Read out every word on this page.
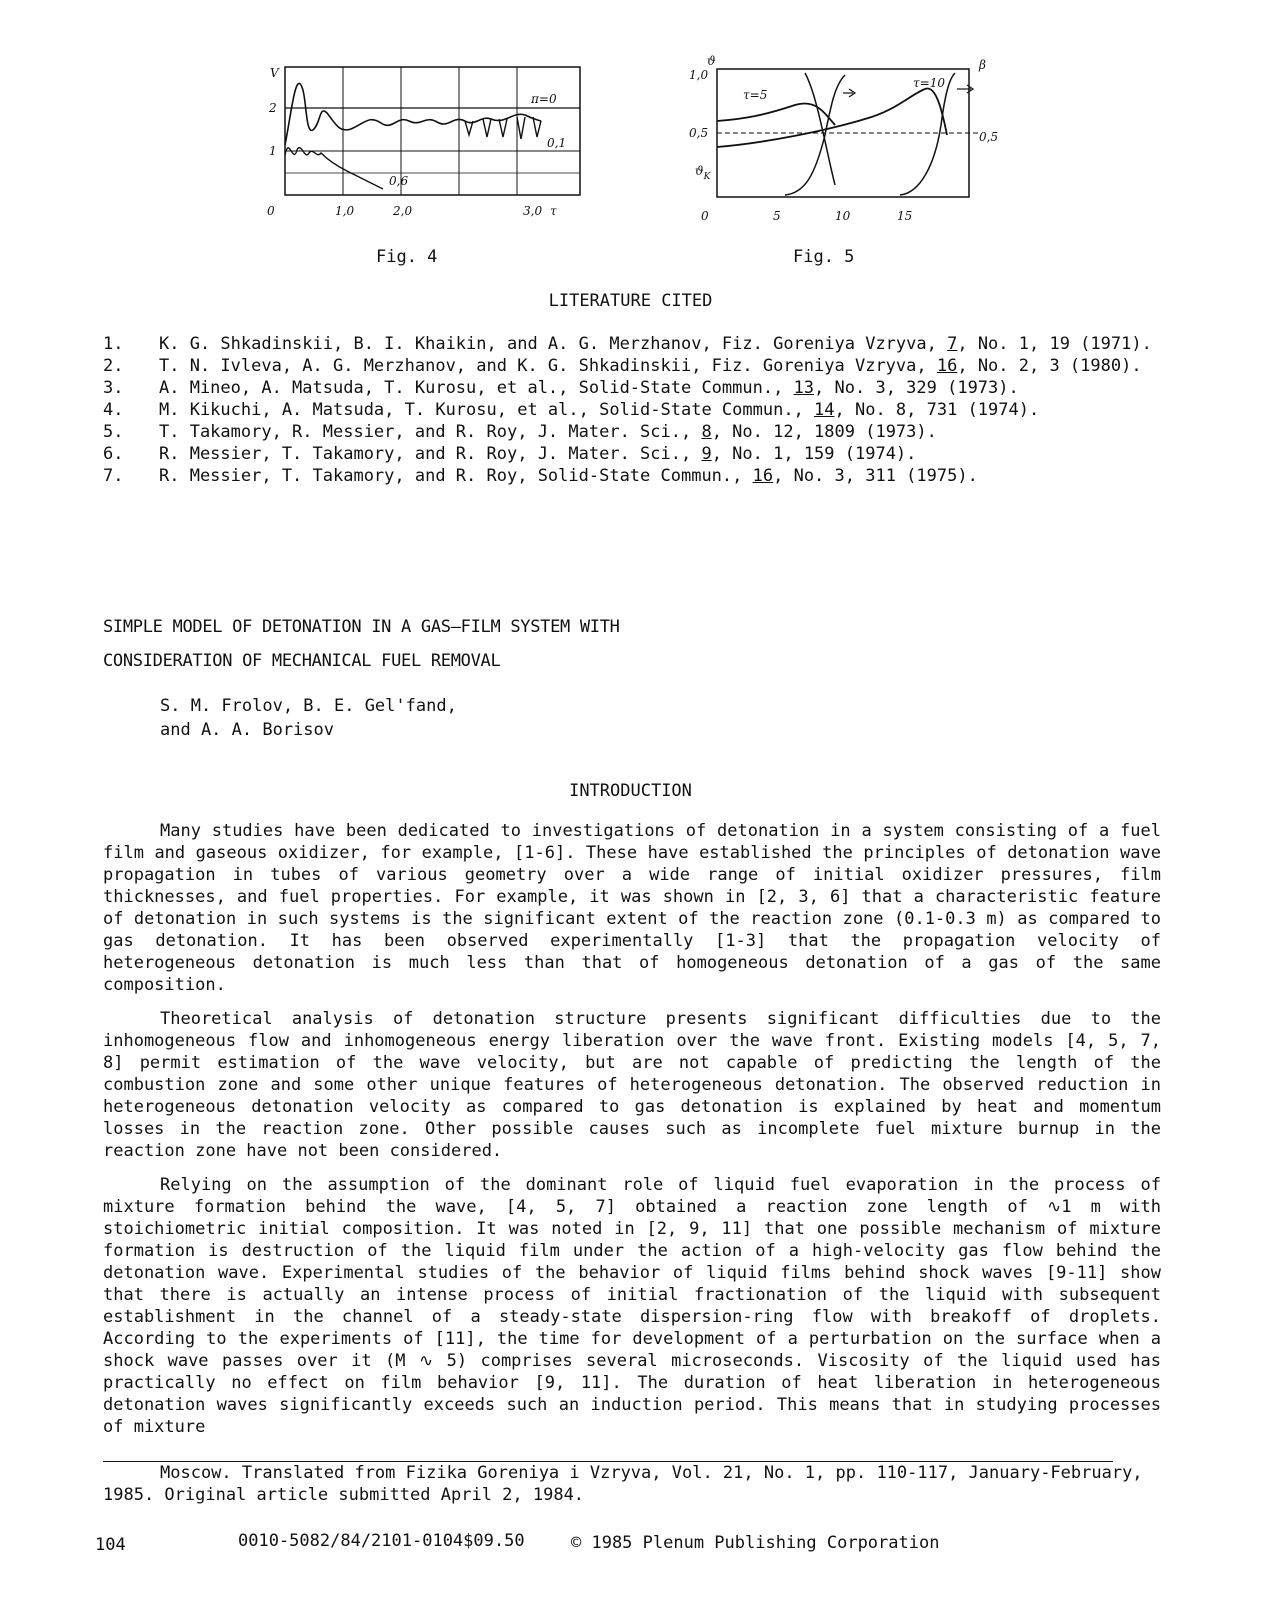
V
2
1
0	1,0	2,0	3,0 τ
π=0
0,1
0,6
Fig. 4
1,0
ϑ	β
0,5
$ϑ_K$
0	5	10	15
0,5
τ=5
τ=10
Fig. 5
LITERATURE CITED
1.	K. G. Shkadinskii, B. I. Khaikin, and A. G. Merzhanov, Fiz. Goreniya Vzryva, 7, No. 1, 19 (1971).
2.	T. N. Ivleva, A. G. Merzhanov, and K. G. Shkadinskii, Fiz. Goreniya Vzryva, 16, No. 2, 3 (1980).
3.	A. Mineo, A. Matsuda, T. Kurosu, et al., Solid-State Commun., 13, No. 3, 329 (1973).
4.	M. Kikuchi, A. Matsuda, T. Kurosu, et al., Solid-State Commun., 14, No. 8, 731 (1974).
5.	T. Takamory, R. Messier, and R. Roy, J. Mater. Sci., 8, No. 12, 1809 (1973).
6.	R. Messier, T. Takamory, and R. Roy, J. Mater. Sci., 9, No. 1, 159 (1974).
7.	R. Messier, T. Takamory, and R. Roy, Solid-State Commun., 16, No. 3, 311 (1975).
SIMPLE MODEL OF DETONATION IN A GAS—FILM SYSTEM WITH
CONSIDERATION OF MECHANICAL FUEL REMOVAL
S. M. Frolov, B. E. Gel'fand,
and A. A. Borisov
INTRODUCTION

Many studies have been dedicated to investigations of detonation in a system consisting of a fuel film and gaseous oxidizer, for example, [1-6]. These have established the principles of detonation wave propagation in tubes of various geometry over a wide range of initial oxidizer pressures, film thicknesses, and fuel properties. For example, it was shown in [2, 3, 6] that a characteristic feature of detonation in such systems is the significant extent of the reaction zone (0.1-0.3 m) as compared to gas detonation. It has been observed experimentally [1-3] that the propagation velocity of heterogeneous detonation is much less than that of homogeneous detonation of a gas of the same composition.

Theoretical analysis of detonation structure presents significant difficulties due to the inhomogeneous flow and inhomogeneous energy liberation over the wave front. Existing models [4, 5, 7, 8] permit estimation of the wave velocity, but are not capable of predicting the length of the combustion zone and some other unique features of heterogeneous detonation. The observed reduction in heterogeneous detonation velocity as compared to gas detonation is explained by heat and momentum losses in the reaction zone. Other possible causes such as incomplete fuel mixture burnup in the reaction zone have not been considered.

Relying on the assumption of the dominant role of liquid fuel evaporation in the process of mixture formation behind the wave, [4, 5, 7] obtained a reaction zone length of ∿1 m with stoichiometric initial composition. It was noted in [2, 9, 11] that one possible mechanism of mixture formation is destruction of the liquid film under the action of a high-velocity gas flow behind the detonation wave. Experimental studies of the behavior of liquid films behind shock waves [9-11] show that there is actually an intense process of initial fractionation of the liquid with subsequent establishment in the channel of a steady-state dispersion-ring flow with breakoff of droplets. According to the experiments of [11], the time for development of a perturbation on the surface when a shock wave passes over it (M ∿ 5) comprises several microseconds. Viscosity of the liquid used has practically no effect on film behavior [9, 11]. The duration of heat liberation in heterogeneous detonation waves significantly exceeds such an induction period. This means that in studying processes of mixture

Moscow. Translated from Fizika Goreniya i Vzryva, Vol. 21, No. 1, pp. 110-117, January-February, 1985. Original article submitted April 2, 1984.
104	0010-5082/84/2101-0104$09.50	© 1985 Plenum Publishing Corporation
